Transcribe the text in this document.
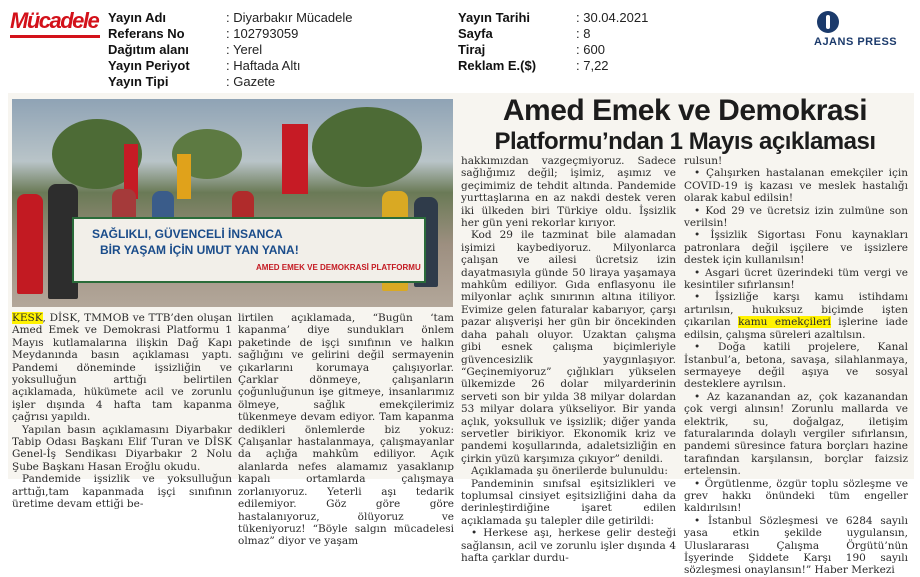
Mücadele Yayın Adı	: Diyarbakır Mücadele
Referans No	: 102793059
Dağıtım alanı	: Yerel
Yayın Periyot	: Haftada Altı
Yayın Tipi	: Gazete
Yayın Tarihi	: 30.04.2021
Sayfa	: 8
Tiraj	: 600
Reklam E.($)	: 7,22
AJANS PRESS
SAĞLIKLI, GÜVENCELİ İNSANCA
BİR YAŞAM İÇİN UMUT YAN YANA!
AMED EMEK VE DEMOKRASİ PLATFORMU
Amed Emek ve Demokrasi
Platformu’ndan 1 Mayıs açıklaması

KESK, DİSK, TMMOB ve TTB’den oluşan Amed Emek ve Demokrasi Platformu 1 Mayıs kutlamalarına ilişkin Dağ Kapı Meydanında basın açıklaması yaptı. Pandemi döneminde işsizliğin ve yoksulluğun arttığı belirtilen açıklamada, hükümete acil ve zorunlu işler dışında 4 hafta tam kapanma çağrısı yapıldı.

Yapılan basın açıklamasını Diyarbakır Tabip Odası Başkanı Elif Turan ve DİSK Genel-İş Sendikası Diyarbakır 2 Nolu Şube Başkanı Hasan Eroğlu okudu.

Pandemide işsizlik ve yoksulluğun arttığı,tam kapanmada işçi sınıfının üretime devam ettiği be-

lirtilen açıklamada, “Bugün ‘tam kapanma’ diye sundukları önlem paketinde de işçi sınıfının ve halkın sağlığını ve gelirini değil sermayenin çıkarlarını korumaya çalışıyorlar. Çarklar dönmeye, çalışanların çoğunluğunun işe gitmeye, insanlarımız ölmeye, sağlık emekçilerimiz tükenmeye devam ediyor. Tam kapanma dedikleri önlemlerde biz yokuz: Çalışanlar hastalanmaya, çalışmayanlar da açlığa mahkûm ediliyor. Açık alanlarda nefes alamamız yasaklanıp kapalı ortamlarda çalışmaya zorlanıyoruz. Yeterli aşı tedarik edilemiyor. Göz göre göre hastalanıyoruz, ölüyoruz ve tükeniyoruz! “Böyle salgın mücadelesi olmaz” diyor ve yaşam

hakkımızdan vazgeçmiyoruz. Sadece sağlığımız değil; işimiz, aşımız ve geçimimiz de tehdit altında. Pandemide yurttaşlarına en az nakdi destek veren iki ülkeden biri Türkiye oldu. İşsizlik her gün yeni rekorlar kırıyor.

Kod 29 ile tazminat bile alamadan işimizi kaybediyoruz. Milyonlarca çalışan ve ailesi ücretsiz izin dayatmasıyla günde 50 liraya yaşamaya mahkûm ediliyor. Gıda enflasyonu ile milyonlar açlık sınırının altına itiliyor. Evimize gelen faturalar kabarıyor, çarşı pazar alışverişi her gün bir öncekinden daha pahalı oluyor. Uzaktan çalışma gibi esnek çalışma biçimleriyle güvencesizlik yaygınlaşıyor. “Geçinemiyoruz” çığlıkları yükselen ülkemizde 26 dolar milyarderinin serveti son bir yılda 38 milyar dolardan 53 milyar dolara yükseliyor. Bir yanda açlık, yoksulluk ve işsizlik; diğer yanda servetler birikiyor. Ekonomik kriz ve pandemi koşullarında, adaletsizliğin en çirkin yüzü karşımıza çıkıyor” denildi.

Açıklamada şu önerilerde bulunuldu:

Pandeminin sınıfsal eşitsizlikleri ve toplumsal cinsiyet eşitsizliğini daha da derinleştirdiğine işaret edilen açıklamada şu talepler dile getirildi:

• Herkese aşı, herkese gelir desteği sağlansın, acil ve zorunlu işler dışında 4 hafta çarklar durdu-

rulsun!

• Çalışırken hastalanan emekçiler için COVID-19 iş kazası ve meslek hastalığı olarak kabul edilsin!

• Kod 29 ve ücretsiz izin zulmüne son verilsin!

• İşsizlik Sigortası Fonu kaynakları patronlara değil işçilere ve işsizlere destek için kullanılsın!

• Asgari ücret üzerindeki tüm vergi ve kesintiler sıfırlansın!

• İşsizliğe karşı kamu istihdamı artırılsın, hukuksuz biçimde işten çıkarılan kamu emekçileri işlerine iade edilsin, çalışma süreleri azaltılsın.

• Doğa katili projelere, Kanal İstanbul’a, betona, savaşa, silahlanmaya, sermayeye değil aşıya ve sosyal desteklere ayrılsın.

• Az kazanandan az, çok kazanandan çok vergi alınsın! Zorunlu mallarda ve elektrik, su, doğalgaz, iletişim faturalarında dolaylı vergiler sıfırlansın, pandemi süresince fatura borçları hazine tarafından karşılansın, borçlar faizsiz ertelensin.

• Örgütlenme, özgür toplu sözleşme ve grev hakkı önündeki tüm engeller kaldırılsın!

• İstanbul Sözleşmesi ve 6284 sayılı yasa etkin şekilde uygulansın, Uluslararası Çalışma Örgütü’nün İşyerinde Şiddete Karşı 190 sayılı sözleşmesi onaylansın!” Haber Merkezi
